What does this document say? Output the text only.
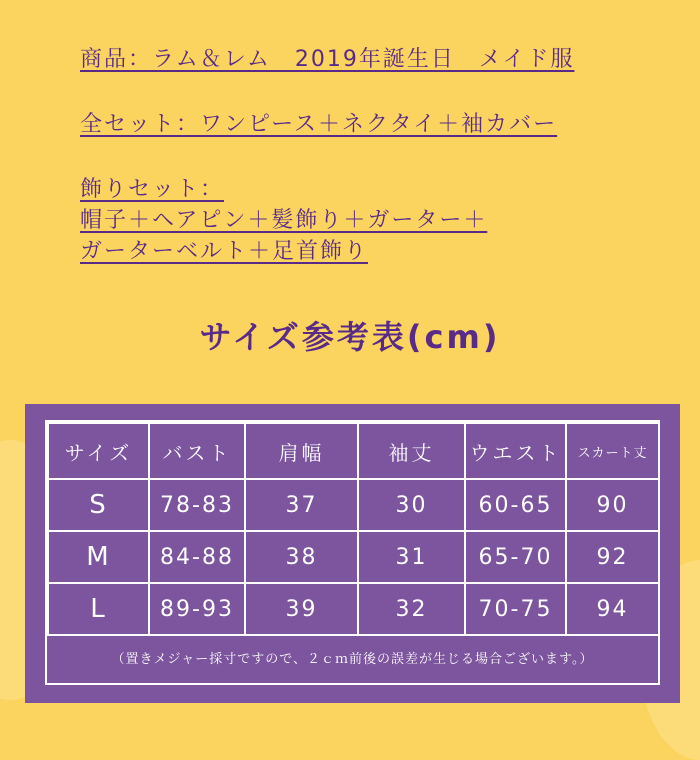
商品：ラム＆レム　2019年誕生日　メイド服
全セット：ワンピース＋ネクタイ＋袖カバー
飾りセット：
帽子＋ヘアピン＋髪飾り＋ガーター＋
ガーターベルト＋足首飾り
サイズ参考表(cm)
サイズ	バスト	肩幅	袖丈	ウエスト	スカート丈
S	78-83	37	30	60-65	90
M	84-88	38	31	65-70	92
L	89-93	39	32	70-75	94
（置きメジャー採寸ですので、２ｃｍ前後の誤差が生じる場合ございます。）
